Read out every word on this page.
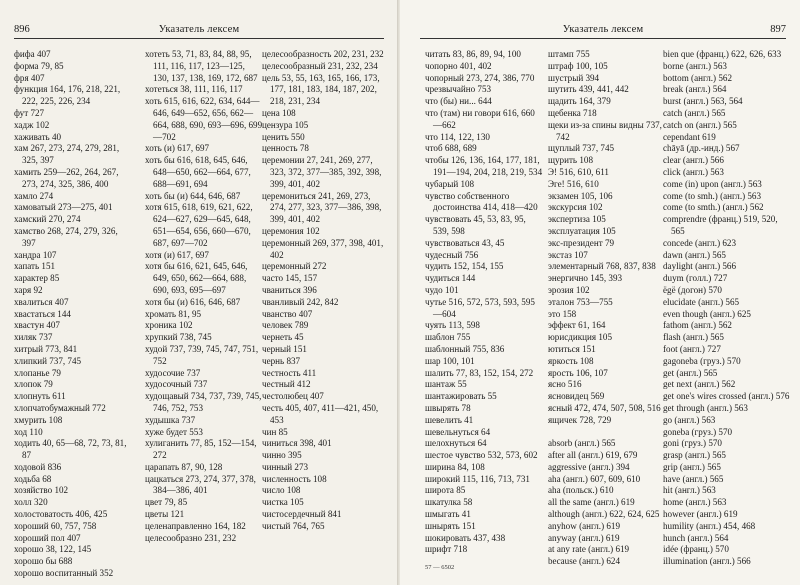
896	Указатель лексем
фифа 407
форма 79, 85
фря 407
функция 164, 176, 218, 221, 222, 225, 226, 234
фут 727
хадж 102
хаживать 40
хам 267, 273, 274, 279, 281, 325, 397
хамить 259—262, 264, 267, 273, 274, 325, 386, 400
хамло 274
хамоватый 273—275, 401
хамский 270, 274
хамство 268, 274, 279, 326, 397
хандра 107
хапать 151
характер 85
харя 92
хвалиться 407
хвастаться 144
хвастун 407
хиляк 737
хитрый 773, 841
хлипкий 737, 745
хлопанье 79
хлопок 79
хлопнуть 611
хлопчатобумажный 772
хмурить 108
ход 110
ходить 40, 65—68, 72, 73, 81, 87
ходовой 836
ходьба 68
хозяйство 102
холл 320
холостоватость 406, 425
хороший 60, 757, 758
хороший пол 407
хорошо 38, 122, 145
хорошо бы 688
хорошо воспитанный 352
хотеть 53, 71, 83, 84, 88, 95, 111, 116, 117, 123—125, 130, 137, 138, 169, 172, 687
хотеться 38, 111, 116, 117
хоть 615, 616, 622, 634, 644—646, 649—652, 656, 662—664, 688, 690, 693—696, 699—702
хоть (и) 617, 697
хоть бы 616, 618, 645, 646, 648—650, 662—664, 677, 688—691, 694
хоть бы (и) 644, 646, 687
хотя 615, 618, 619, 621, 622, 624—627, 629—645, 648, 651—654, 656, 660—670, 687, 697—702
хотя (и) 617, 697
хотя бы 616, 621, 645, 646, 649, 650, 662—664, 688, 690, 693, 695—697
хотя бы (и) 616, 646, 687
хромать 81, 95
хроника 102
хрупкий 738, 745
худой 737, 739, 745, 747, 751, 752
худосочие 737
худосочный 737
худощавый 734, 737, 739, 745, 746, 752, 753
худышка 737
хуже будет 553
хулиганить 77, 85, 152—154, 272
царапать 87, 90, 128
цацкаться 273, 274, 377, 378, 384—386, 401
цвет 79, 85
цветы 121
целенаправленно 164, 182
целесообразно 231, 232
целесообразность 202, 231, 232
целесообразный 231, 232, 234
цель 53, 55, 163, 165, 166, 173, 177, 181, 183, 184, 187, 202, 218, 231, 234
цена 108
цензура 105
ценить 550
ценность 78
церемонии 27, 241, 269, 277, 323, 372, 377—385, 392, 398, 399, 401, 402
церемониться 241, 269, 273, 274, 277, 323, 377—386, 398, 399, 401, 402
церемония 102
церемонный 269, 377, 398, 401, 402
церемонный 272
часто 145, 157
чваниться 396
чванливый 242, 842
чванство 407
человек 789
чернеть 45
черный 151
чернь 837
честность 411
честный 412
честолюбец 407
честь 405, 407, 411—421, 450, 453
чин 85
чиниться 398, 401
чинно 395
чинный 273
численность 108
число 108
чистка 105
чистосердечный 841
чистый 764, 765
Указатель лексем	897
читать 83, 86, 89, 94, 100
чопорно 401, 402
чопорный 273, 274, 386, 770
чрезвычайно 753
что (бы) ни... 644
что (там) ни говори 616, 660—662
что 114, 122, 130
чтоб 688, 689
чтобы 126, 136, 164, 177, 181, 191—194, 204, 218, 219, 534
чубарый 108
чувство собственного достоинства 414, 418—420
чувствовать 45, 53, 83, 95, 539, 598
чувствоваться 43, 45
чудесный 756
чудить 152, 154, 155
чудиться 144
чудо 101
чутье 516, 572, 573, 593, 595—604
чуять 113, 598
шаблон 755
шаблонный 755, 836
шар 100, 101
шалить 77, 83, 152, 154, 272
шантаж 55
шантажировать 55
швырять 78
шевелить 41
шевельнуться 64
шелохнуться 64
шестое чувство 532, 573, 602
ширина 84, 108
широкий 115, 116, 713, 731
широта 85
шкатулка 58
шмыгать 41
шнырять 151
шокировать 437, 438
шрифт 718
штамп 755
штраф 100, 105
шустрый 394
шутить 439, 441, 442
щадить 164, 379
щебенка 718
щеки из-за спины видны 737, 742
щуплый 737, 745
щурить 108
Э! 516, 610, 611
Эге! 516, 610
экзамен 105, 106
экскурсия 102
экспертиза 105
эксплуатация 105
экс-президент 79
экстаз 107
элементарный 768, 837, 838
энергично 145, 393
эрозия 102
эталон 753—755
это 158
эффект 61, 164
юрисдикция 105
ютиться 151
яркость 108
ярость 106, 107
ясно 516
ясновидец 569
ясный 472, 474, 507, 508, 516
ящичек 728, 729

absorb (англ.) 565
after all (англ.) 619, 679
aggressive (англ.) 394
aha (англ.) 607, 609, 610
aha (польск.) 610
all the same (англ.) 619
although (англ.) 622, 624, 625
anyhow (англ.) 619
anyway (англ.) 619
at any rate (англ.) 619
because (англ.) 624
bien que (франц.) 622, 626, 633
borne (англ.) 563
bottom (англ.) 562
break (англ.) 564
burst (англ.) 563, 564
catch (англ.) 565
catch on (англ.) 565
cependant 619
chāyā (др.-инд.) 567
clear (англ.) 566
click (англ.) 563
come (in) upon (англ.) 563
come (to smh.) (англ.) 563
come (to smth.) (англ.) 562
comprendre (франц.) 519, 520, 565
concede (англ.) 623
dawn (англ.) 565
daylight (англ.) 566
duym (голл.) 727
ëgë (догон) 570
elucidate (англ.) 565
even though (англ.) 625
fathom (англ.) 562
flash (англ.) 565
foot (англ.) 727
gagoneba (груз.) 570
get (англ.) 565
get next (англ.) 562
get one's wires crossed (англ.) 576
get through (англ.) 563
go (англ.) 563
goneba (груз.) 570
goni (груз.) 570
grasp (англ.) 565
grip (англ.) 565
have (англ.) 565
hit (англ.) 563
home (англ.) 563
however (англ.) 619
humility (англ.) 454, 468
hunch (англ.) 564
idée (франц.) 570
illumination (англ.) 566
57 — 6502
